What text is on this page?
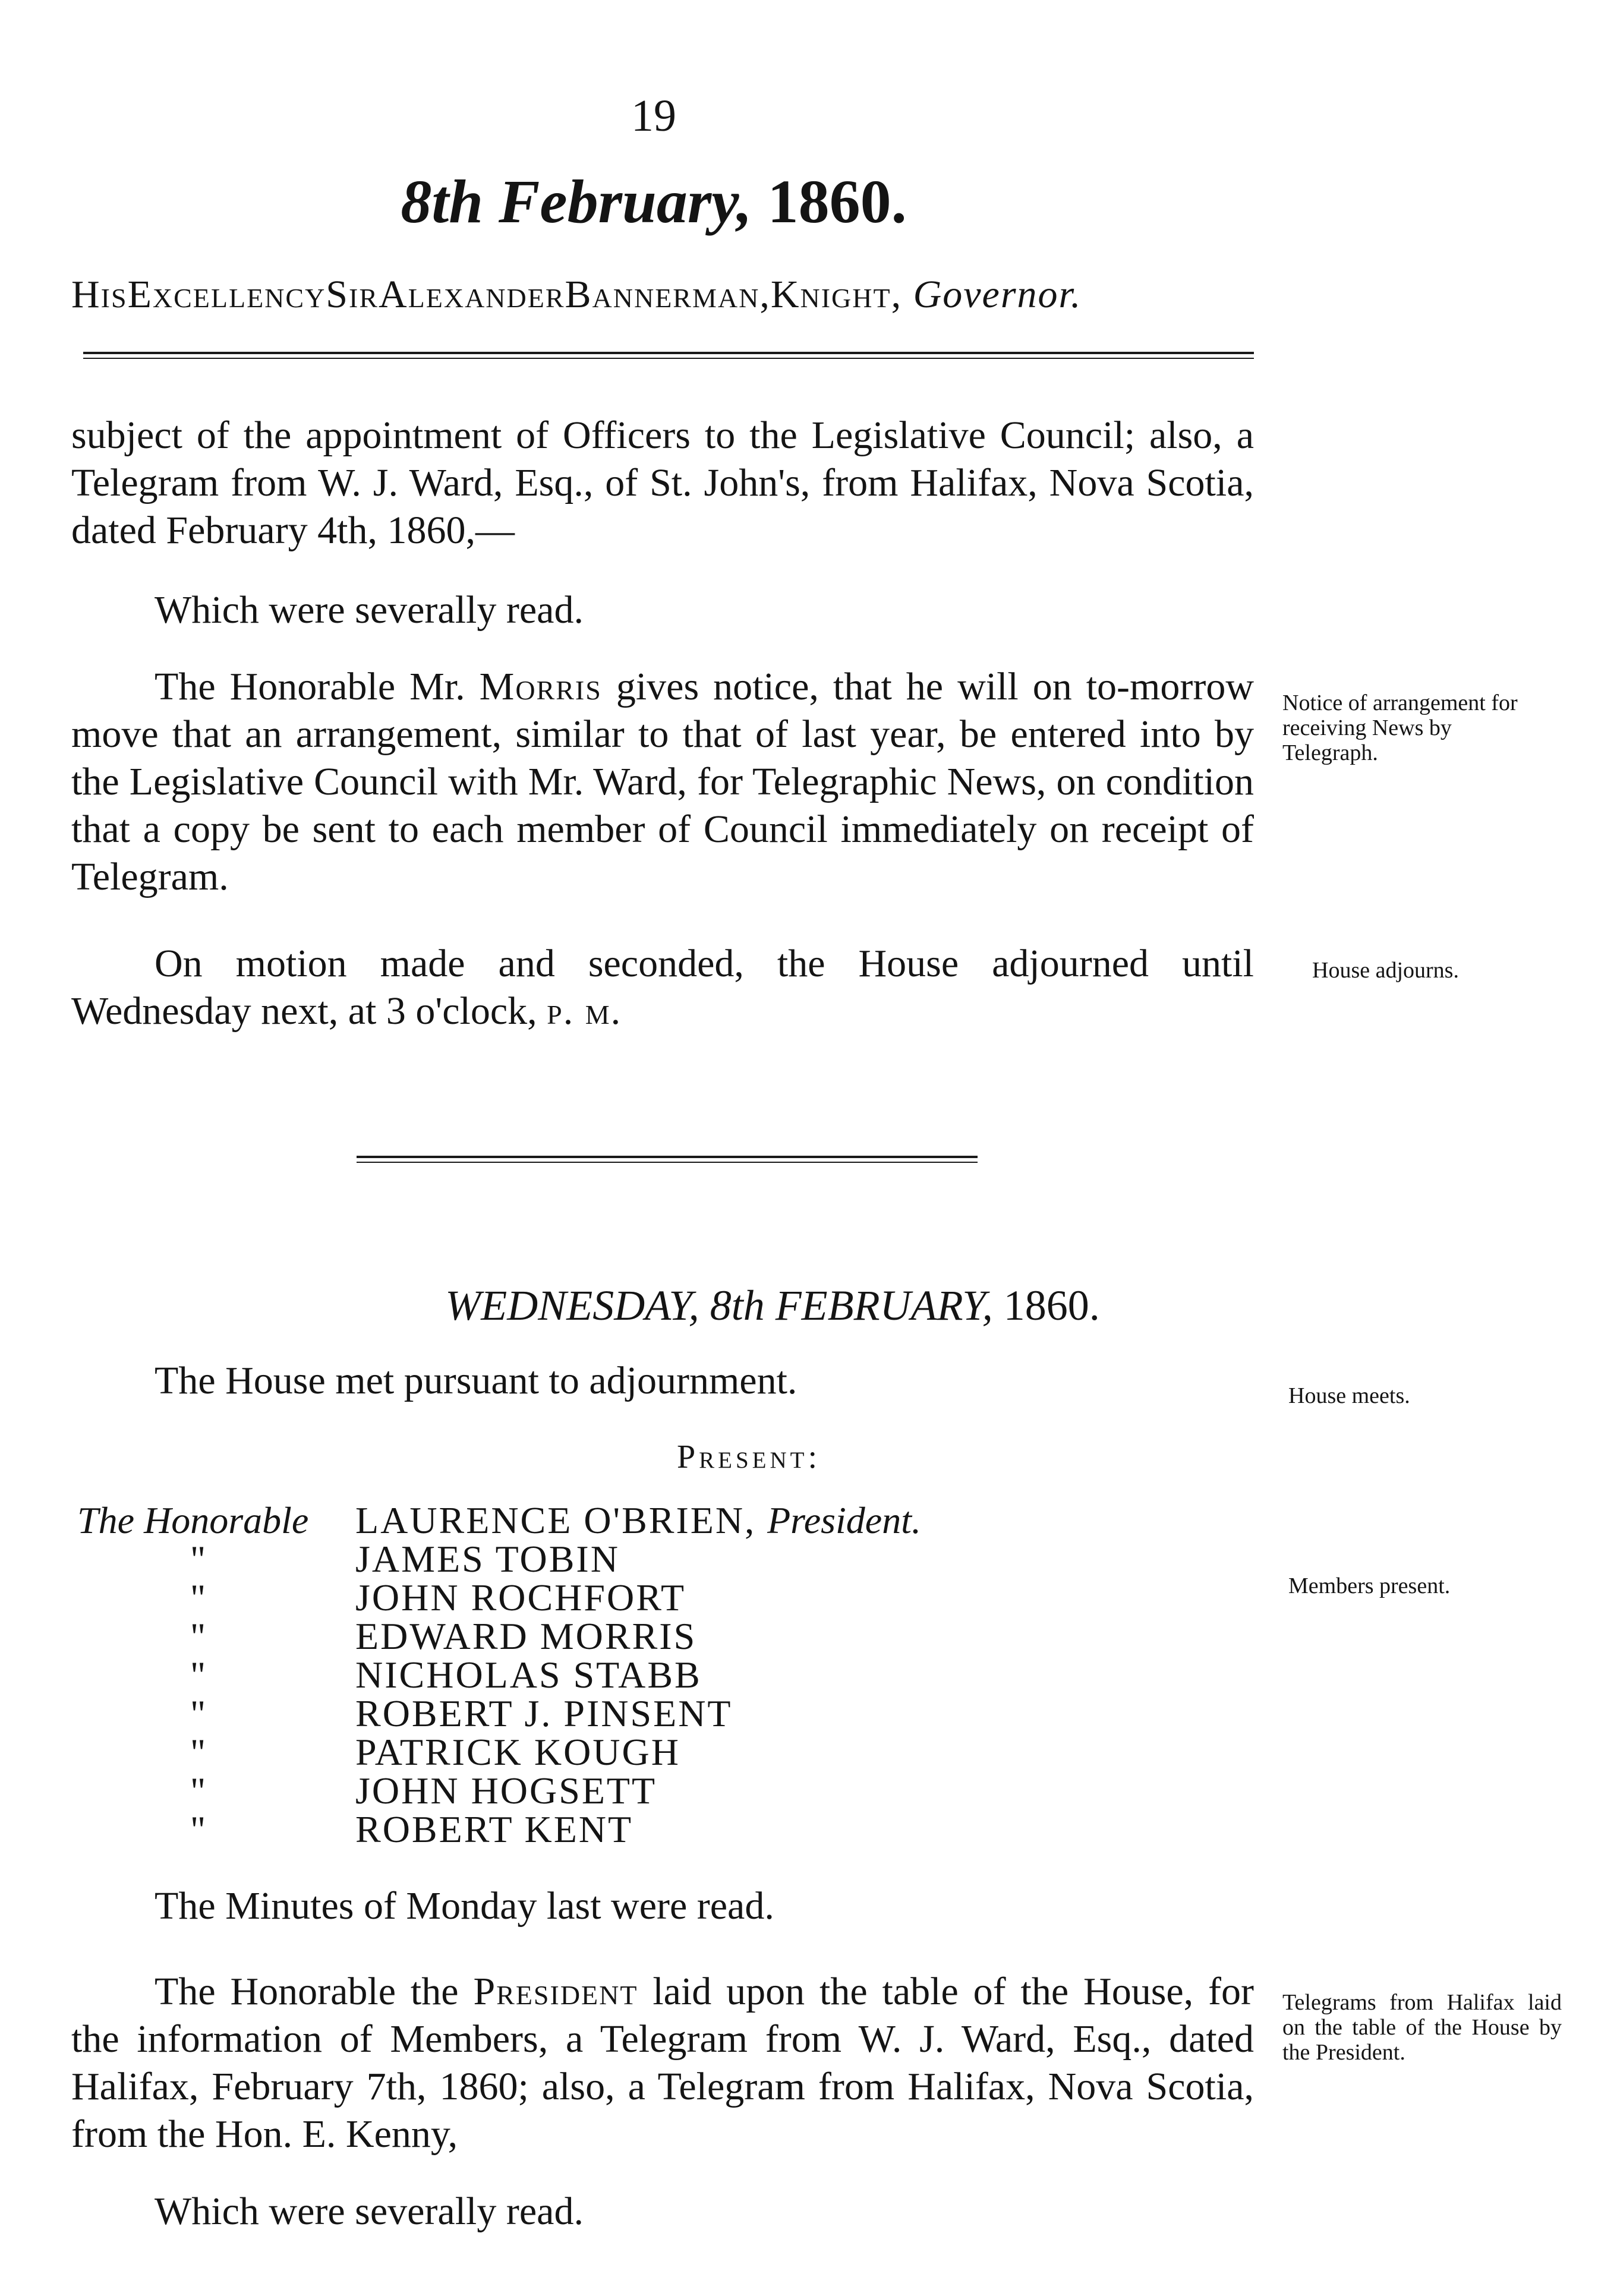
19
8th February, 1860.
HisExcellencySirAlexanderBannerman,Knight, Governor.
subject of the appointment of Officers to the Legislative Council; also, a Telegram from W. J. Ward, Esq., of St. John's, from Halifax, Nova Scotia, dated February 4th, 1860,—
Which were severally read.
The Honorable Mr. Morris gives notice, that he will on to-morrow move that an arrangement, similar to that of last year, be entered into by the Legislative Council with Mr. Ward, for Telegraphic News, on condition that a copy be sent to each member of Council immediately on receipt of Telegram.
Notice of arrangement for receiving News by Telegraph.
On motion made and seconded, the House adjourned until Wednesday next, at 3 o'clock, p. m.
House adjourns.
WEDNESDAY, 8th FEBRUARY, 1860.
The House met pursuant to adjournment.	House meets.
Present:
The Honorable LAURENCE O'BRIEN, President.
"	JAMES TOBIN
"	JOHN ROCHFORT
"	EDWARD MORRIS
"	NICHOLAS STABB
"	ROBERT J. PINSENT
"	PATRICK KOUGH
"	JOHN HOGSETT
"	ROBERT KENT
Members present.
The Minutes of Monday last were read.
The Honorable the President laid upon the table of the House, for the information of Members, a Telegram from W. J. Ward, Esq., dated Halifax, February 7th, 1860; also, a Telegram from Halifax, Nova Scotia, from the Hon. E. Kenny,
Telegrams from Halifax laid on the table of the House by the President.
Which were severally read.
